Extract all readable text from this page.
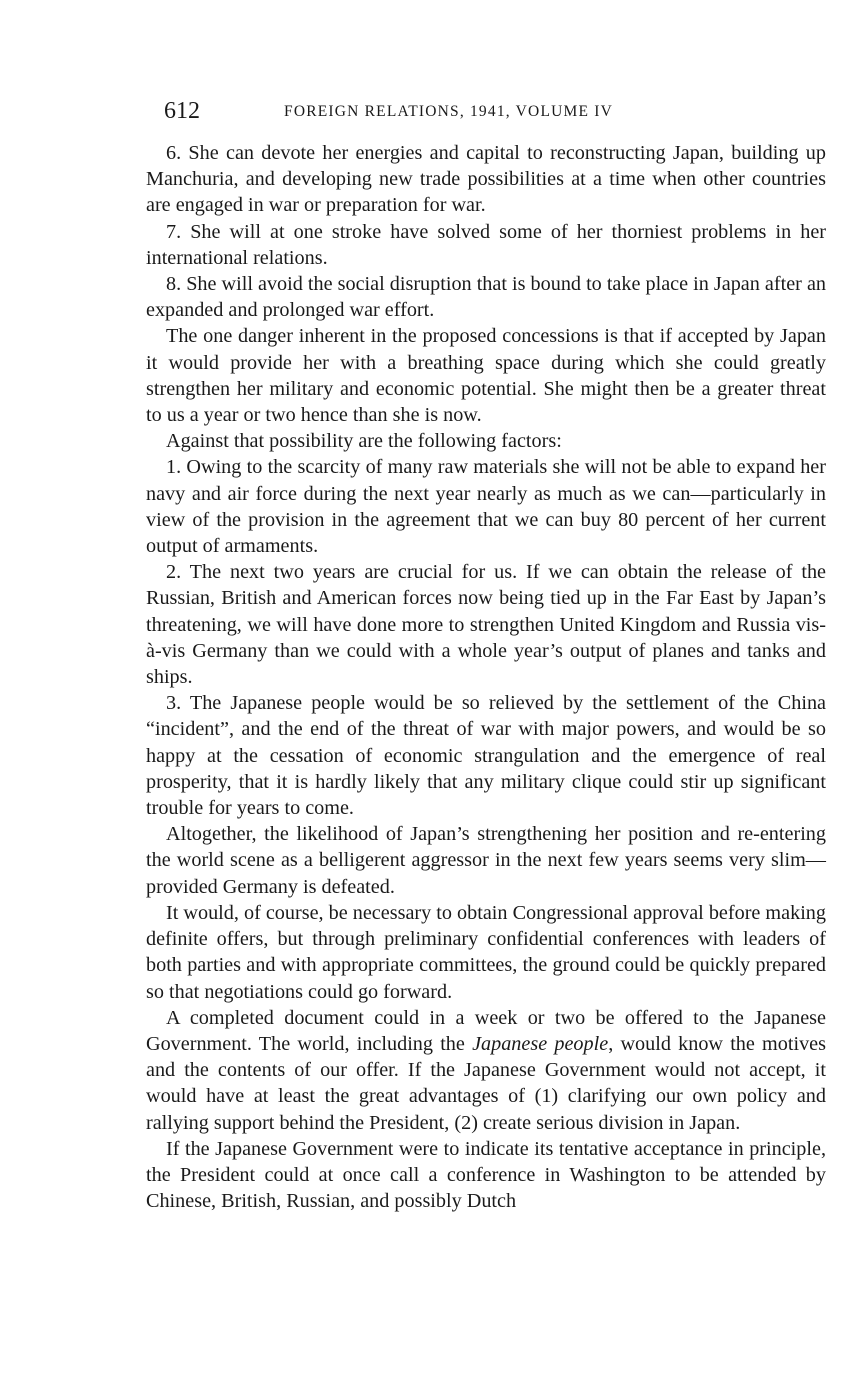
612	FOREIGN RELATIONS, 1941, VOLUME IV

6. She can devote her energies and capital to reconstructing Japan, building up Manchuria, and developing new trade possibilities at a time when other countries are engaged in war or preparation for war.

7. She will at one stroke have solved some of her thorniest problems in her international relations.

8. She will avoid the social disruption that is bound to take place in Japan after an expanded and prolonged war effort.

The one danger inherent in the proposed concessions is that if accepted by Japan it would provide her with a breathing space during which she could greatly strengthen her military and economic potential. She might then be a greater threat to us a year or two hence than she is now.

Against that possibility are the following factors:

1. Owing to the scarcity of many raw materials she will not be able to expand her navy and air force during the next year nearly as much as we can—particularly in view of the provision in the agreement that we can buy 80 percent of her current output of armaments.

2. The next two years are crucial for us. If we can obtain the release of the Russian, British and American forces now being tied up in the Far East by Japan’s threatening, we will have done more to strengthen United Kingdom and Russia vis-à-vis Germany than we could with a whole year’s output of planes and tanks and ships.

3. The Japanese people would be so relieved by the settlement of the China “incident”, and the end of the threat of war with major powers, and would be so happy at the cessation of economic strangulation and the emergence of real prosperity, that it is hardly likely that any military clique could stir up significant trouble for years to come.

Altogether, the likelihood of Japan’s strengthening her position and re-entering the world scene as a belligerent aggressor in the next few years seems very slim—provided Germany is defeated.

It would, of course, be necessary to obtain Congressional approval before making definite offers, but through preliminary confidential conferences with leaders of both parties and with appropriate committees, the ground could be quickly prepared so that negotiations could go forward.

A completed document could in a week or two be offered to the Japanese Government. The world, including the Japanese people, would know the motives and the contents of our offer. If the Japanese Government would not accept, it would have at least the great advantages of (1) clarifying our own policy and rallying support behind the President, (2) create serious division in Japan.

If the Japanese Government were to indicate its tentative acceptance in principle, the President could at once call a conference in Washington to be attended by Chinese, British, Russian, and possibly Dutch
